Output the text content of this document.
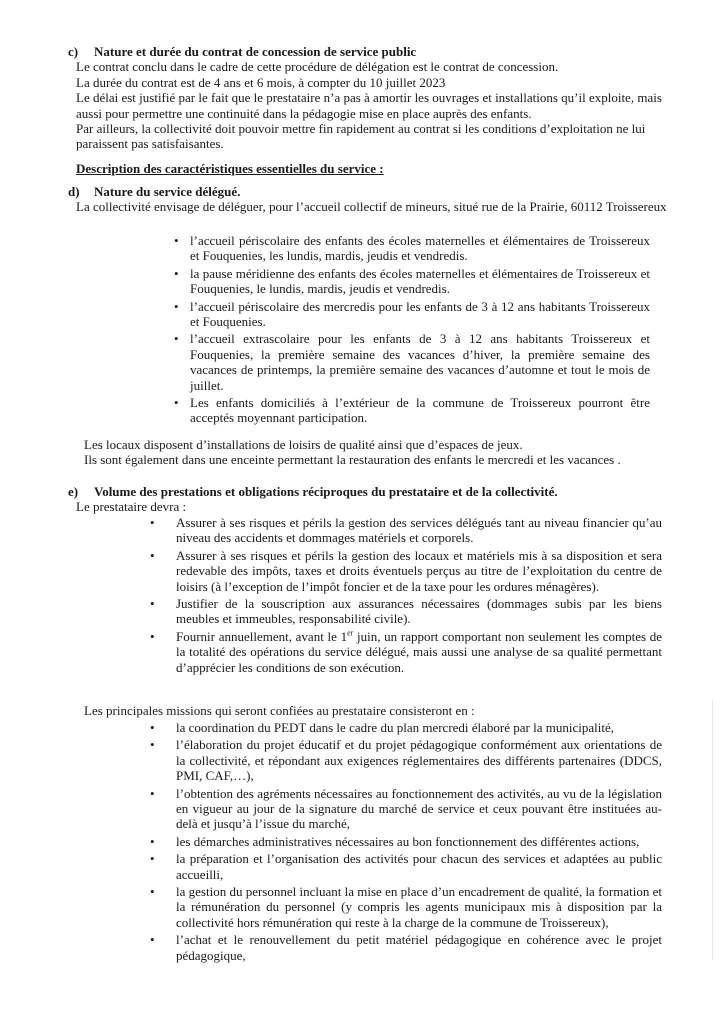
c) Nature et durée du contrat de concession de service public

Le contrat conclu dans le cadre de cette procédure de délégation est le contrat de concession.

La durée du contrat est de 4 ans et 6 mois, à compter du 10 juillet 2023

Le délai est justifié par le fait que le prestataire n’a pas à amortir les ouvrages et installations qu’il exploite, mais aussi pour permettre une continuité dans la pédagogie mise en place auprès des enfants.

Par ailleurs, la collectivité doit pouvoir mettre fin rapidement au contrat si les conditions d’exploitation ne lui paraissent pas satisfaisantes.

Description des caractéristiques essentielles du service :
d) Nature du service délégué.

La collectivité envisage de déléguer, pour l’accueil collectif de mineurs, situé rue de la Prairie, 60112 Troissereux

• l’accueil périscolaire des enfants des écoles maternelles et élémentaires de Troissereux et Fouquenies, les lundis, mardis, jeudis et vendredis.
• la pause méridienne des enfants des écoles maternelles et élémentaires de Troissereux et Fouquenies, le lundis, mardis, jeudis et vendredis.
• l’accueil périscolaire des mercredis pour les enfants de 3 à 12 ans habitants Troissereux et Fouquenies.
• l’accueil extrascolaire pour les enfants de 3 à 12 ans habitants Troissereux et Fouquenies, la première semaine des vacances d’hiver, la première semaine des vacances de printemps, la première semaine des vacances d’automne et tout le mois de juillet.
• Les enfants domiciliés à l’extérieur de la commune de Troissereux pourront être acceptés moyennant participation.

Les locaux disposent d’installations de loisirs de qualité ainsi que d’espaces de jeux.

Ils sont également dans une enceinte permettant la restauration des enfants le mercredi et les vacances .

e) Volume des prestations et obligations réciproques du prestataire et de la collectivité.

Le prestataire devra :

• Assurer à ses risques et périls la gestion des services délégués tant au niveau financier qu’au niveau des accidents et dommages matériels et corporels.
• Assurer à ses risques et périls la gestion des locaux et matériels mis à sa disposition et sera redevable des impôts, taxes et droits éventuels perçus au titre de l’exploitation du centre de loisirs (à l’exception de l’impôt foncier et de la taxe pour les ordures ménagères).
• Justifier de la souscription aux assurances nécessaires (dommages subis par les biens meubles et immeubles, responsabilité civile).
• Fournir annuellement, avant le 1er juin, un rapport comportant non seulement les comptes de la totalité des opérations du service délégué, mais aussi une analyse de sa qualité permettant d’apprécier les conditions de son exécution.

Les principales missions qui seront confiées au prestataire consisteront en :

• la coordination du PEDT dans le cadre du plan mercredi élaboré par la municipalité,
• l’élaboration du projet éducatif et du projet pédagogique conformément aux orientations de la collectivité, et répondant aux exigences réglementaires des différents partenaires (DDCS, PMI, CAF,…),
• l’obtention des agréments nécessaires au fonctionnement des activités, au vu de la législation en vigueur au jour de la signature du marché de service et ceux pouvant être instituées au-delà et jusqu’à l’issue du marché,
• les démarches administratives nécessaires au bon fonctionnement des différentes actions,
• la préparation et l’organisation des activités pour chacun des services et adaptées au public accueilli,
• la gestion du personnel incluant la mise en place d’un encadrement de qualité, la formation et la rémunération du personnel (y compris les agents municipaux mis à disposition par la collectivité hors rémunération qui reste à la charge de la commune de Troissereux),
• l’achat et le renouvellement du petit matériel pédagogique en cohérence avec le projet pédagogique,
